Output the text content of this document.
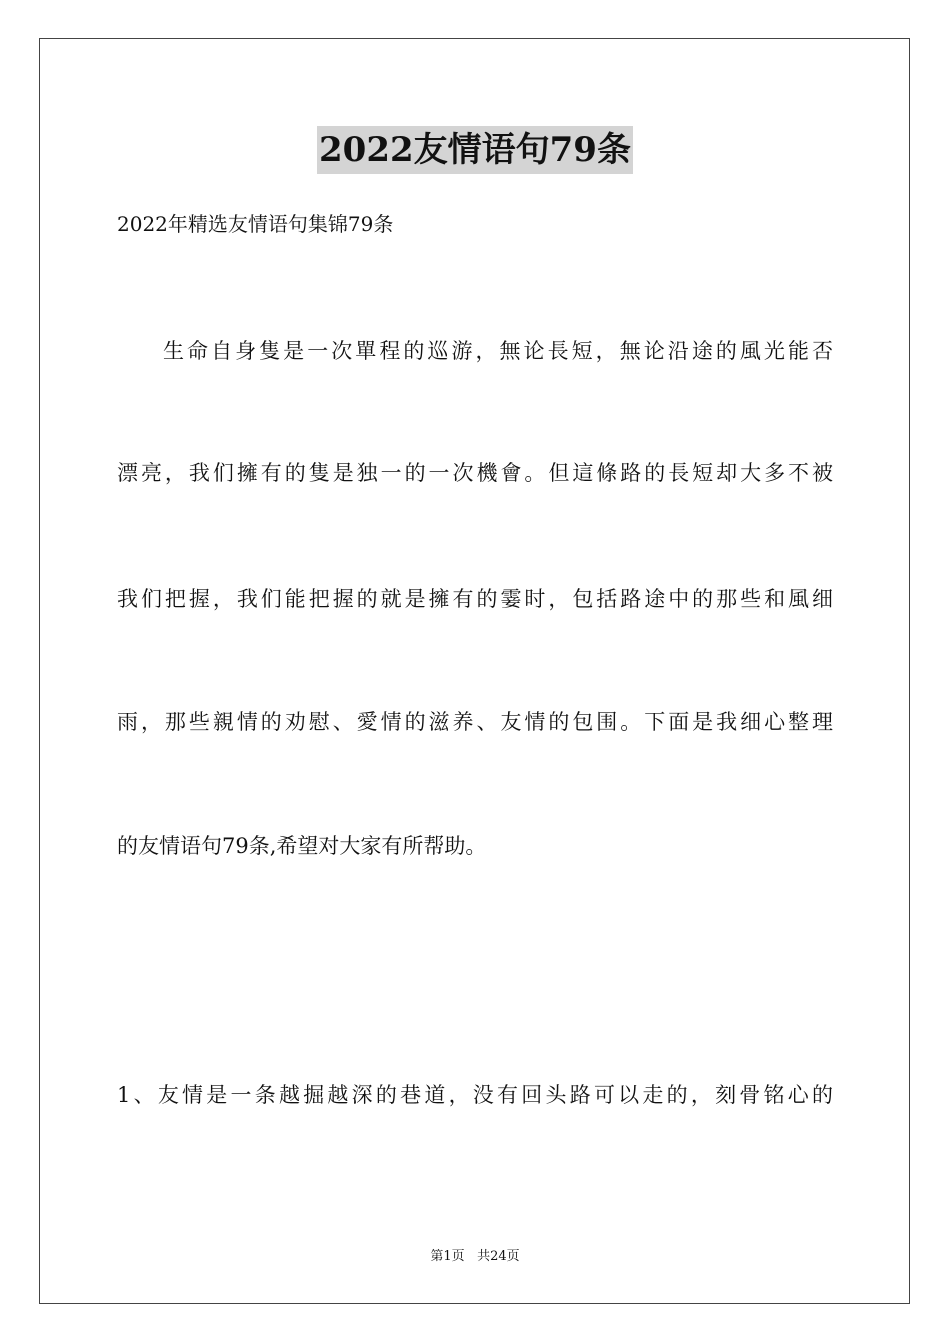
2022友情语句79条
2022年精选友情语句集锦79条
生命自身隻是一次單程的巡游，無论長短，無论沿途的風光能否
漂亮，我们擁有的隻是独一的一次機會。但這條路的長短却大多不被
我们把握，我们能把握的就是擁有的霎时，包括路途中的那些和風细
雨，那些親情的劝慰、愛情的滋养、友情的包围。下面是我细心整理
的友情语句79条,希望对大家有所帮助。
1、友情是一条越掘越深的巷道，没有回头路可以走的，刻骨铭心的
第1页 共24页
